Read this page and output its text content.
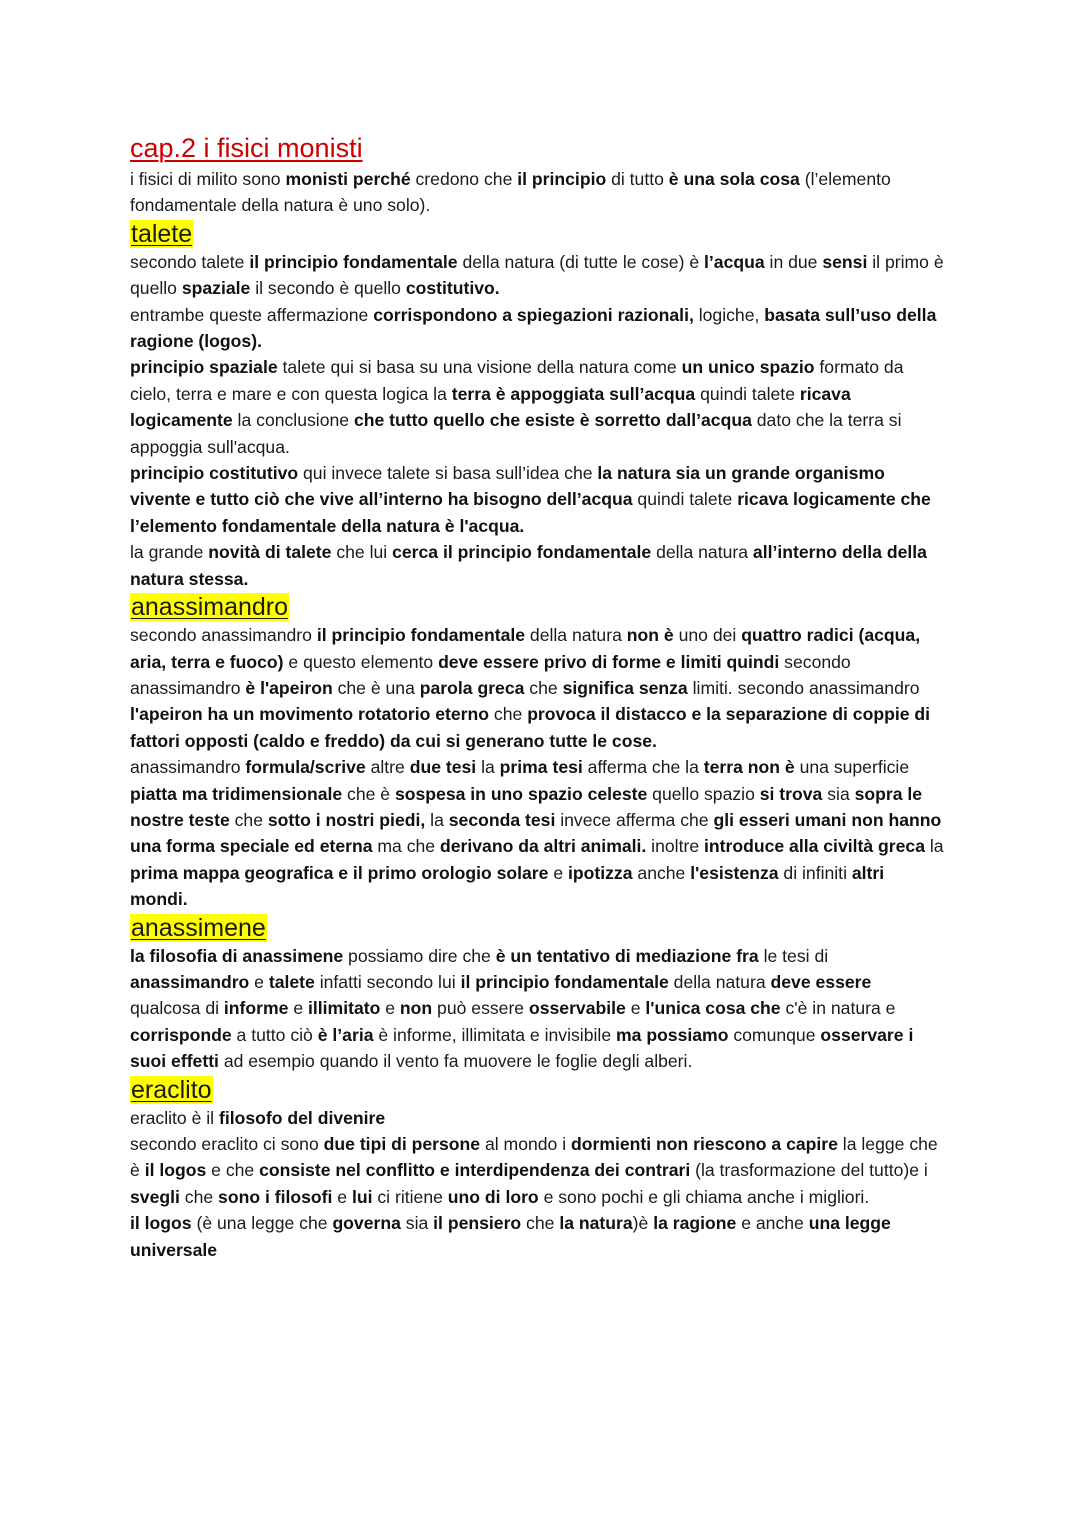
cap.2 i fisici monisti

i fisici di milito sono monisti perché credono che il principio di tutto è una sola cosa (l’elemento fondamentale della natura è uno solo).

talete

secondo talete il principio fondamentale della natura (di tutte le cose) è l’acqua in due sensi il primo è quello spaziale il secondo è quello costitutivo.

entrambe queste affermazione corrispondono a spiegazioni razionali, logiche, basata sull’uso della ragione (logos).

principio spaziale talete qui si basa su una visione della natura come un unico spazio formato da cielo, terra e mare e con questa logica la terra è appoggiata sull’acqua quindi talete ricava logicamente la conclusione che tutto quello che esiste è sorretto dall’acqua dato che la terra si appoggia sull'acqua.

principio costitutivo qui invece talete si basa sull’idea che la natura sia un grande organismo vivente e tutto ciò che vive all’interno ha bisogno dell’acqua quindi talete ricava logicamente che l’elemento fondamentale della natura è l'acqua.

la grande novità di talete che lui cerca il principio fondamentale della natura all’interno della della natura stessa.

anassimandro

secondo anassimandro il principio fondamentale della natura non è uno dei quattro radici (acqua, aria, terra e fuoco) e questo elemento deve essere privo di forme e limiti quindi secondo anassimandro è l'apeiron che è una parola greca che significa senza limiti. secondo anassimandro l'apeiron ha un movimento rotatorio eterno che provoca il distacco e la separazione di coppie di fattori opposti (caldo e freddo) da cui si generano tutte le cose.

anassimandro formula/scrive altre due tesi la prima tesi afferma che la terra non è una superficie piatta ma tridimensionale che è sospesa in uno spazio celeste quello spazio si trova sia sopra le nostre teste che sotto i nostri piedi, la seconda tesi invece afferma che gli esseri umani non hanno una forma speciale ed eterna ma che derivano da altri animali. inoltre introduce alla civiltà greca la prima mappa geografica e il primo orologio solare e ipotizza anche l'esistenza di infiniti altri mondi.

anassimene

la filosofia di anassimene possiamo dire che è un tentativo di mediazione fra le tesi di anassimandro e talete infatti secondo lui il principio fondamentale della natura deve essere qualcosa di informe e illimitato e non può essere osservabile e l'unica cosa che c'è in natura e corrisponde a tutto ciò è l’aria è informe, illimitata e invisibile ma possiamo comunque osservare i suoi effetti ad esempio quando il vento fa muovere le foglie degli alberi.

eraclito

eraclito è il filosofo del divenire

secondo eraclito ci sono due tipi di persone al mondo i dormienti non riescono a capire la legge che è il logos e che consiste nel conflitto e interdipendenza dei contrari (la trasformazione del tutto)e i svegli che sono i filosofi e lui ci ritiene uno di loro e sono pochi e gli chiama anche i migliori.

il logos (è una legge che governa sia il pensiero che la natura)è la ragione e anche una legge universale
